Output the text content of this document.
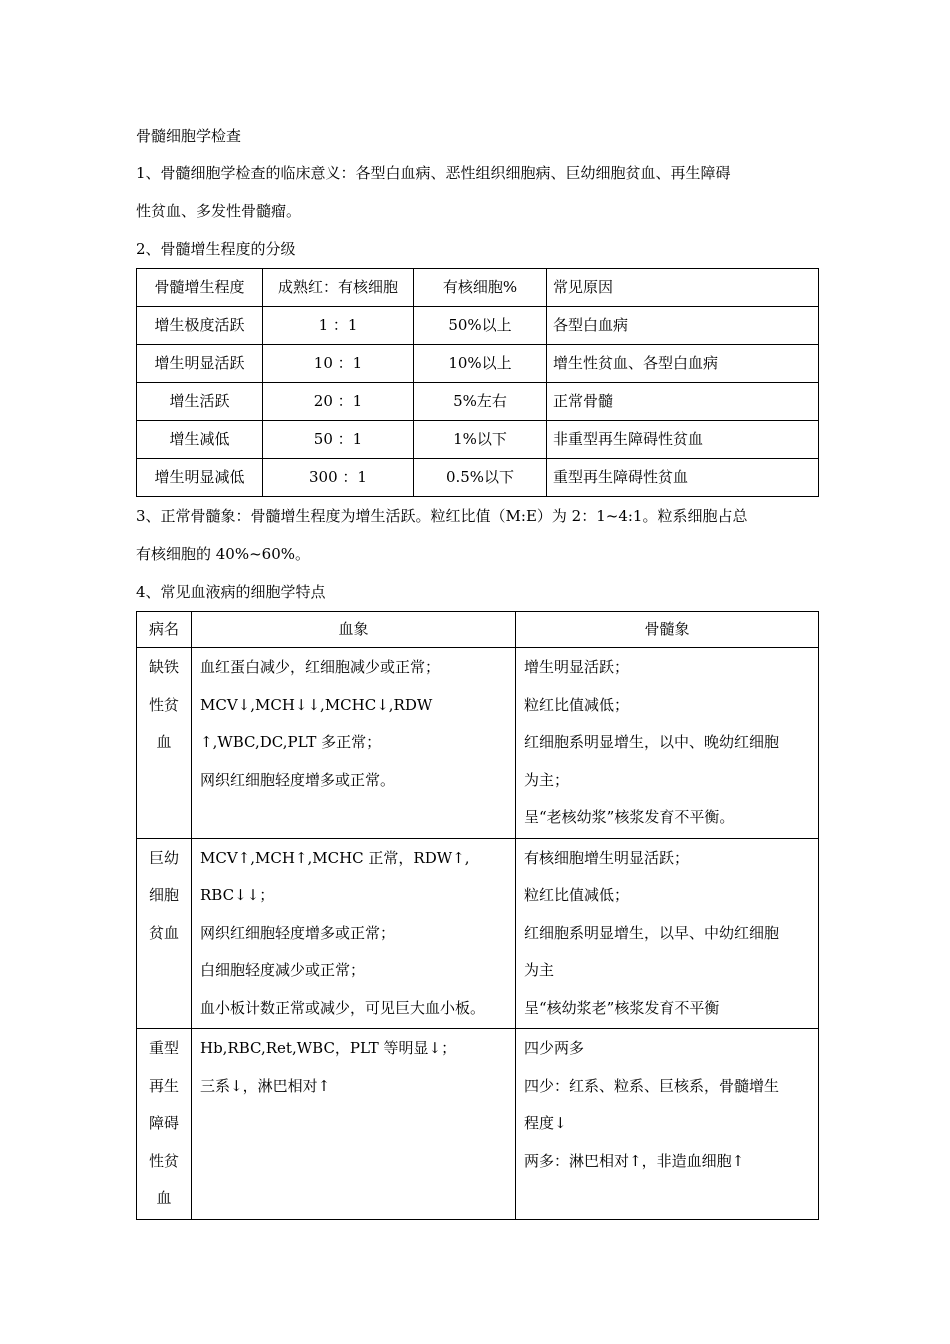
骨髓细胞学检查

1、骨髓细胞学检查的临床意义：各型白血病、恶性组织细胞病、巨幼细胞贫血、再生障碍
性贫血、多发性骨髓瘤。

2、骨髓增生程度的分级

骨髓增生程度	成熟红：有核细胞	有核细胞%	常见原因
增生极度活跃	1 ：1	50%以上	各型白血病
增生明显活跃	10 ：1	10%以上	增生性贫血、各型白血病
增生活跃	20 ：1	5%左右	正常骨髓
增生减低	50 ：1	1%以下	非重型再生障碍性贫血
增生明显减低	300 ：1	0.5%以下	重型再生障碍性贫血

3、正常骨髓象：骨髓增生程度为增生活跃。粒红比值（M:E）为 2：1~4:1。粒系细胞占总
有核细胞的 40%~60%。

4、常见血液病的细胞学特点

病名	血象	骨髓象

缺铁
性贫
血	血红蛋白减少，红细胞减少或正常；
MCV↓,MCH↓↓,MCHC↓,RDW
↑,WBC,DC,PLT 多正常；
网织红细胞轻度增多或正常。	增生明显活跃；
粒红比值减低；
红细胞系明显增生，以中、晚幼红细胞
为主；
呈“老核幼浆”核浆发育不平衡。

巨幼
细胞
贫血	MCV↑,MCH↑,MCHC 正常，RDW↑,
RBC↓↓；
网织红细胞轻度增多或正常；
白细胞轻度减少或正常；
血小板计数正常或减少，可见巨大血小板。	有核细胞增生明显活跃；
粒红比值减低；
红细胞系明显增生，以早、中幼红细胞
为主
呈“核幼浆老”核浆发育不平衡

重型
再生
障碍
性贫
血	Hb,RBC,Ret,WBC，PLT 等明显↓；
三系↓，淋巴相对↑	四少两多
四少：红系、粒系、巨核系，骨髓增生
程度↓
两多：淋巴相对↑，非造血细胞↑
